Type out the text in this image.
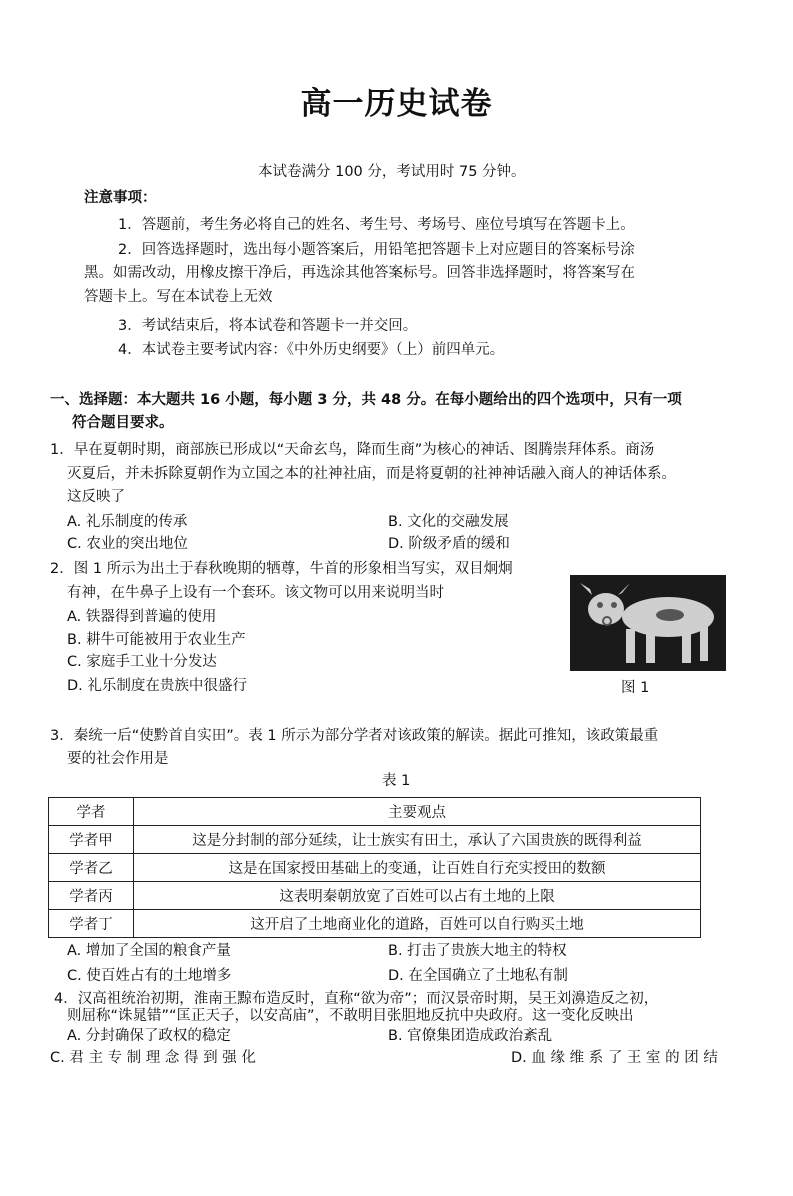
高一历史试卷
本试卷满分 100 分，考试用时 75 分钟。
注意事项：
1．答题前，考生务必将自己的姓名、考生号、考场号、座位号填写在答题卡上。
2．回答选择题时，选出每小题答案后，用铅笔把答题卡上对应题目的答案标号涂
黑。如需改动，用橡皮擦干净后，再选涂其他答案标号。回答非选择题时，将答案写在
答题卡上。写在本试卷上无效
3．考试结束后，将本试卷和答题卡一并交回。
4．本试卷主要考试内容：《中外历史纲要》（上）前四单元。
一、选择题：本大题共 16 小题，每小题 3 分，共 48 分。在每小题给出的四个选项中，只有一项
符合题目要求。
1．早在夏朝时期，商部族已形成以“天命玄鸟，降而生商”为核心的神话、图腾崇拜体系。商汤
灭夏后，并未拆除夏朝作为立国之本的社神社庙，而是将夏朝的社神神话融入商人的神话体系。
这反映了
A. 礼乐制度的传承	B. 文化的交融发展
C. 农业的突出地位	D. 阶级矛盾的缓和
2．图 1 所示为出土于春秋晚期的牺尊，牛首的形象相当写实，双目炯炯
有神，在牛鼻子上设有一个套环。该文物可以用来说明当时
A. 铁器得到普遍的使用
B. 耕牛可能被用于农业生产
C. 家庭手工业十分发达
D. 礼乐制度在贵族中很盛行	图 1
3．秦统一后“使黔首自实田”。表 1 所示为部分学者对该政策的解读。据此可推知，该政策最重
要的社会作用是
表 1
学者	主要观点
学者甲	这是分封制的部分延续，让士族实有田土，承认了六国贵族的既得利益
学者乙	这是在国家授田基础上的变通，让百姓自行充实授田的数额
学者丙	这表明秦朝放宽了百姓可以占有土地的上限
学者丁	这开启了土地商业化的道路，百姓可以自行购买土地
A. 增加了全国的粮食产量	B. 打击了贵族大地主的特权
C. 使百姓占有的土地增多	D. 在全国确立了土地私有制
4．汉高祖统治初期，淮南王黥布造反时，直称“欲为帝”；而汉景帝时期，吴王刘濞造反之初，
则屈称“诛晁错”“匡正天子，以安高庙”，不敢明目张胆地反抗中央政府。这一变化反映出
A. 分封确保了政权的稳定	B. 官僚集团造成政治紊乱
C. 君 主 专 制 理 念 得 到 强 化	D. 血 缘 维 系 了 王 室 的 团 结
